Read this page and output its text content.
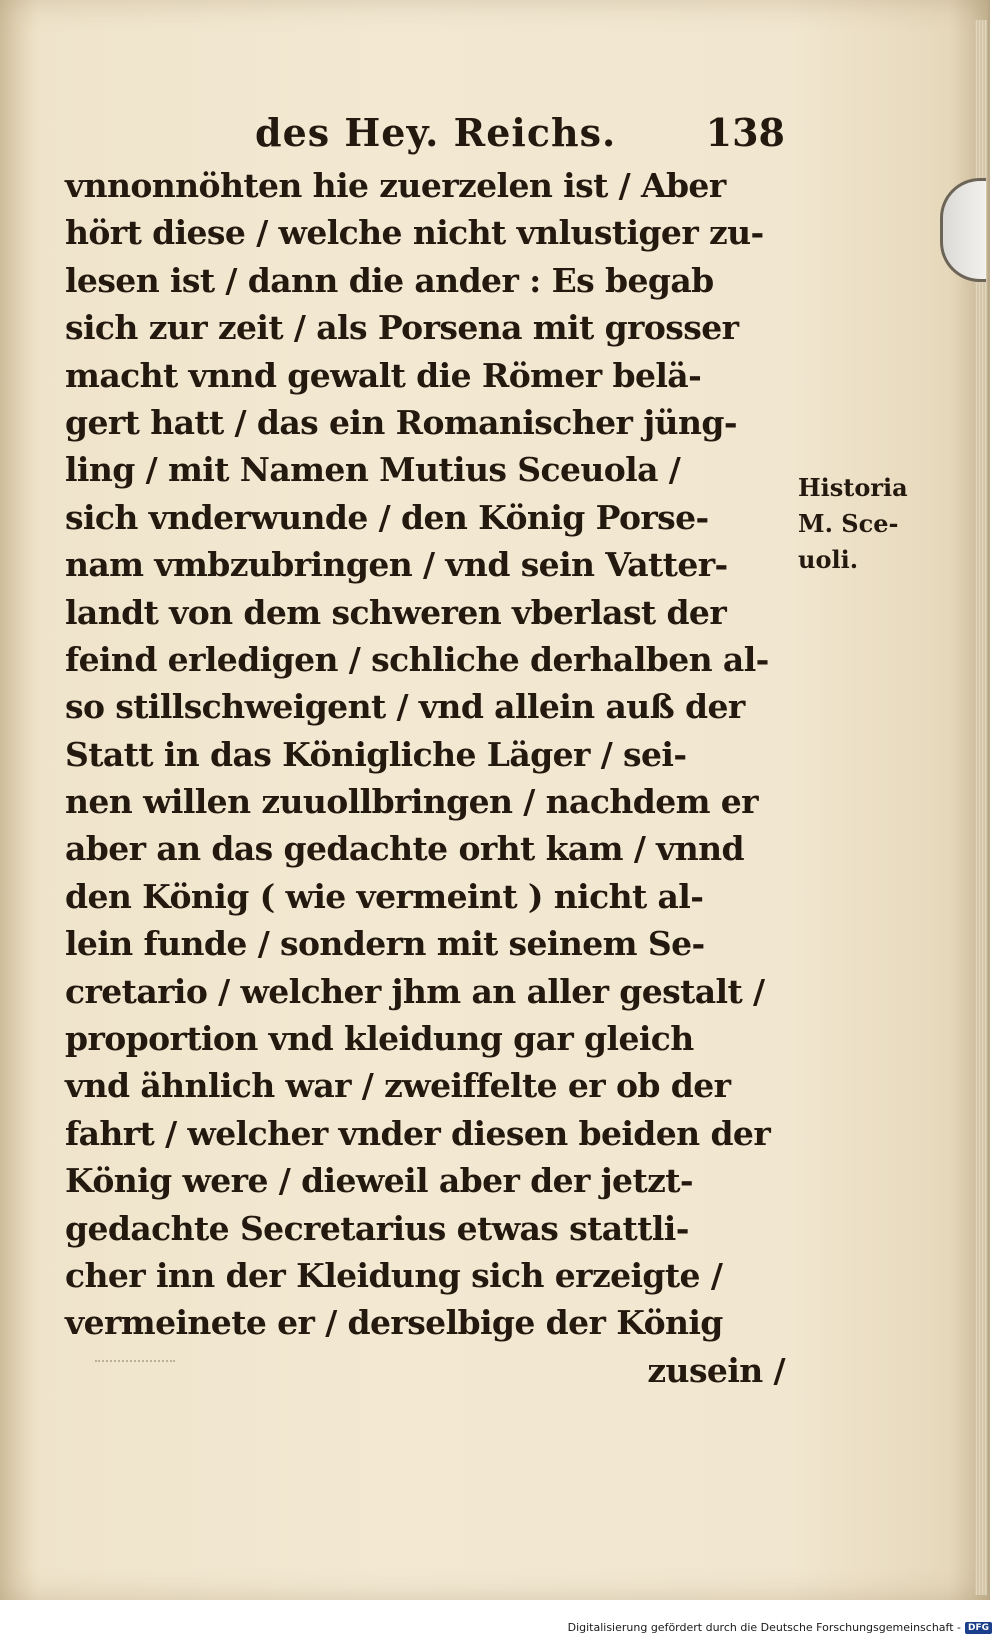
des Hey. Reichs. 138
vnnonnöhten hie zuerzelen ist / Aber
hört diese / welche nicht vnlustiger zu-
lesen ist / dann die ander : Es begab
sich zur zeit / als Porsena mit grosser
macht vnnd gewalt die Römer belä-
gert hatt / das ein Romanischer jüng-
ling / mit Namen Mutius Sceuola /
sich vnderwunde / den König Porse-
nam vmbzubringen / vnd sein Vatter-
landt von dem schweren vberlast der
feind erledigen / schliche derhalben al-
so stillschweigent / vnd allein auß der
Statt in das Königliche Läger / sei-
nen willen zuuollbringen / nachdem er
aber an das gedachte orht kam / vnnd
den König ( wie vermeint ) nicht al-
lein funde / sondern mit seinem Se-
cretario / welcher jhm an aller gestalt /
proportion vnd kleidung gar gleich
vnd ähnlich war / zweiffelte er ob der
fahrt / welcher vnder diesen beiden der
König were / dieweil aber der jetzt-
gedachte Secretarius etwas stattli-
cher inn der Kleidung sich erzeigte /
vermeinete er / derselbige der König
zusein /
Historia
M. Sce-
uoli.
Digitalisierung gefördert durch die Deutsche Forschungsgemeinschaft - DFG
